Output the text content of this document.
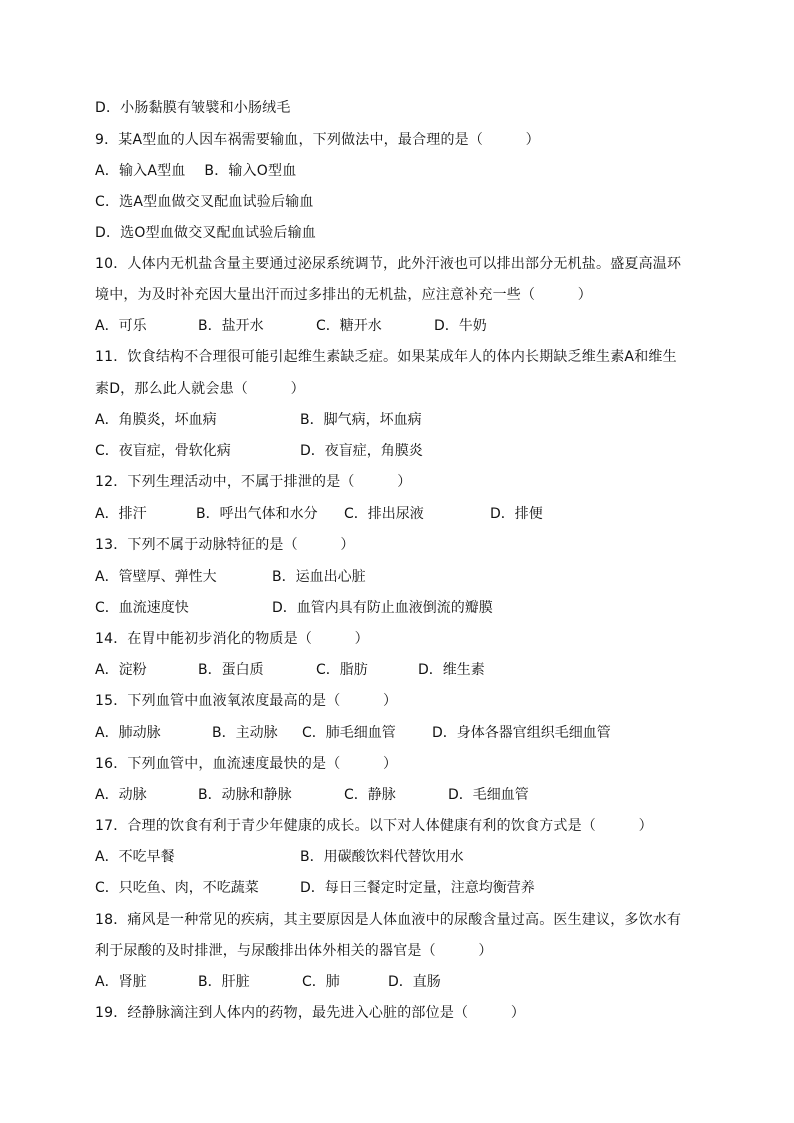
D．小肠黏膜有皱襞和小肠绒毛
9．某A型血的人因车祸需要输血，下列做法中，最合理的是（　　　）
A．输入A型血　 B．输入O型血
C．选A型血做交叉配血试验后输血
D．选O型血做交叉配血试验后输血
10．人体内无机盐含量主要通过泌尿系统调节，此外汗液也可以排出部分无机盐。盛夏高温环
境中，为及时补充因大量出汗而过多排出的无机盐，应注意补充一些（　　　）
A．可乐	B．盐开水	C．糖开水	D．牛奶
11．饮食结构不合理很可能引起维生素缺乏症。如果某成年人的体内长期缺乏维生素A和维生
素D，那么此人就会患（　　　）
A．角膜炎，坏血病	B．脚气病，坏血病
C．夜盲症，骨软化病	D．夜盲症，角膜炎
12．下列生理活动中，不属于排泄的是（　　　）
A．排汗	B．呼出气体和水分 C．排出尿液	D．排便
13．下列不属于动脉特征的是（　　　）
A．管壁厚、弹性大	B．运血出心脏
C．血流速度快	D．血管内具有防止血液倒流的瓣膜
14．在胃中能初步消化的物质是（　　　）
A．淀粉	B．蛋白质	C．脂肪	D．维生素
15．下列血管中血液氧浓度最高的是（　　　）
A．肺动脉	B．主动脉 C．肺毛细血管	D．身体各器官组织毛细血管
16．下列血管中，血流速度最快的是（　　　）
A．动脉	B．动脉和静脉	C．静脉	D．毛细血管
17．合理的饮食有利于青少年健康的成长。以下对人体健康有利的饮食方式是（　　　）
A．不吃早餐	B．用碳酸饮料代替饮用水
C．只吃鱼、肉，不吃蔬菜	D．每日三餐定时定量，注意均衡营养
18．痛风是一种常见的疾病，其主要原因是人体血液中的尿酸含量过高。医生建议，多饮水有
利于尿酸的及时排泄，与尿酸排出体外相关的器官是（　　　）
A．肾脏	B．肝脏	C．肺	D．直肠
19．经静脉滴注到人体内的药物，最先进入心脏的部位是（　　　）
